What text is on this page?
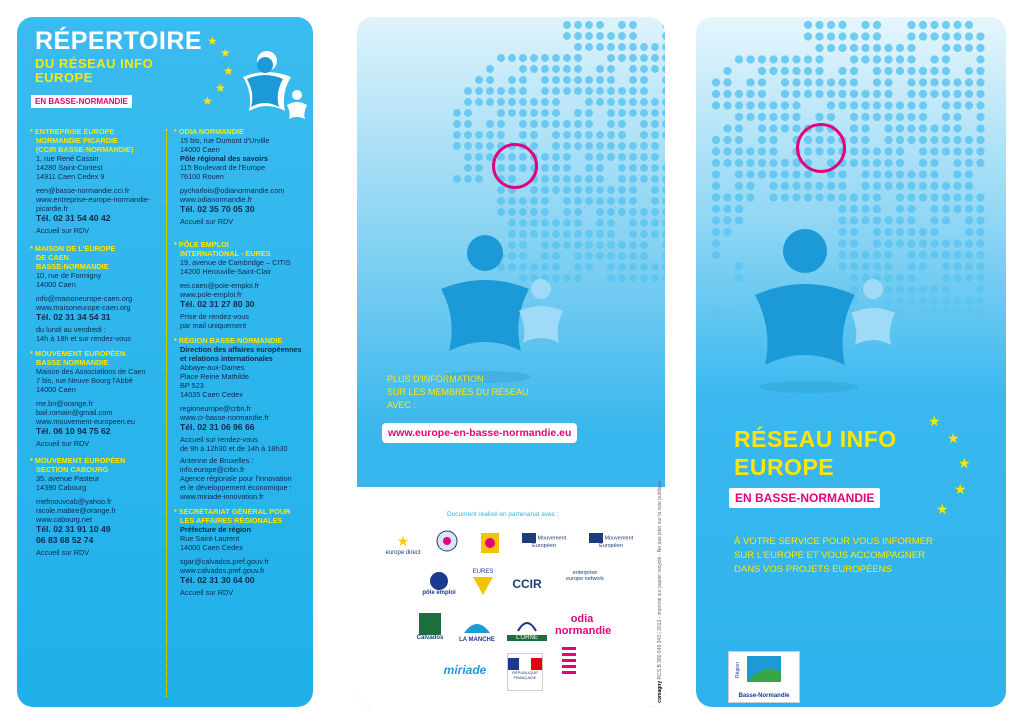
RÉPERTOIRE
DU RÉSEAU INFO
EUROPE
EN BASSE-NORMANDIE
★
★
★
★
★
* ENTREPRISE EUROPE
NORMANDIE PICARDIE
(CCIR BASSE-NORMANDIE)
1, rue René Cassin
14280 Saint-Contest
14911 Caen Cedex 9
een@basse-normandie.cci.fr
www.entreprise-europe-normandie-
picardie.fr
Tél. 02 31 54 40 42
Accueil sur RDV
* MAISON DE L'EUROPE
DE CAEN
BASSE-NORMANDIE
10, rue de Formigny
14000 Caen
info@maisoneurope-caen.org
www.maisoneurope-caen.org
Tél. 02 31 34 54 31
du lundi au vendredi :
14h à 18h et sur rendez-vous
* MOUVEMENT EUROPÉEN
BASSE NORMANDIE
Maison des Associations de Caen
7 bis, rue Neuve Bourg l'Abbé
14000 Caen
me.bn@orange.fr
bail.romain@gmail.com
www.mouvement-europeen.eu
Tél. 06 10 94 75 62
Accueil sur RDV
* MOUVEMENT EUROPÉEN
SECTION CABOURG
35, avenue Pasteur
14390 Cabourg
mefmouvcab@yahoo.fr
nicole.mabire@orange.fr
www.cabourg.net
Tél. 02 31 91 10 49
06 83 68 52 74
Accueil sur RDV
* ODIA NORMANDIE
15 bis, rue Dumont d'Urville
14000 Caen
Pôle régional des savoirs
115 Boulevard de l'Europe
76100 Rouen
pycharlois@odianormandie.com
www.odianormandie.fr
Tél. 02 35 70 05 30
Accueil sur RDV
* PÔLE EMPLOI
INTERNATIONAL - EURES
19, avenue de Cambridge – CITIS
14200 Hérouville-Saint-Clair
eei.caen@pole-emploi.fr
www.pole-emploi.fr
Tél. 02 31 27 80 30
Prise de rendez-vous
par mail uniquement
* RÉGION BASSE-NORMANDIE
Direction des affaires européennes
et relations internationales
Abbaye-aux-Dames
Place Reine Mathilde
BP 523
14035 Caen Cedex
regioneurope@crbn.fr
www.cr-basse-normandie.fr
Tél. 02 31 06 96 66
Accueil sur rendez-vous
de 9h à 12h30 et de 14h à 18h30
Antenne de Bruxelles :
info.europe@crbn.fr
Agence régionale pour l'innovation
et le développement économique :
www.miriade-innovation.fr
* SECRÉTARIAT GÉNÉRAL POUR
LES AFFAIRES RÉGIONALES
Préfecture de région
Rue Saint-Laurent
14000 Caen Cedex
sgar@calvados.pref.gouv.fr
www.calvados.pref.gouv.fr
Tél. 02 31 30 64 00
Accueil sur RDV
PLUS D'INFORMATION
SUR LES MEMBRES DU RÉSEAU
AVEC :
www.europe-en-basse-normandie.eu
Document réalisé en partenariat avec :
★
europe direct
Mouvement Européen
Mouvement Européen
pôle emploi
EURES
CCIR
enterprise europe network
Calvados	LA MANCHE	L'ORNE
odia normandie
miriade	RÉPUBLIQUE FRANÇAISE
e.comagny RCS B 380 649 343 | 2013 - imprimé sur papier recyclé - Ne pas jeter sur la voie publique
RÉSEAU INFO
EUROPE
EN BASSE-NORMANDIE
★
★
★
★
★
À VOTRE SERVICE POUR VOUS INFORMER
SUR L'EUROPE ET VOUS ACCOMPAGNER
DANS VOS PROJETS EUROPÉENS
Région
Basse-Normandie
